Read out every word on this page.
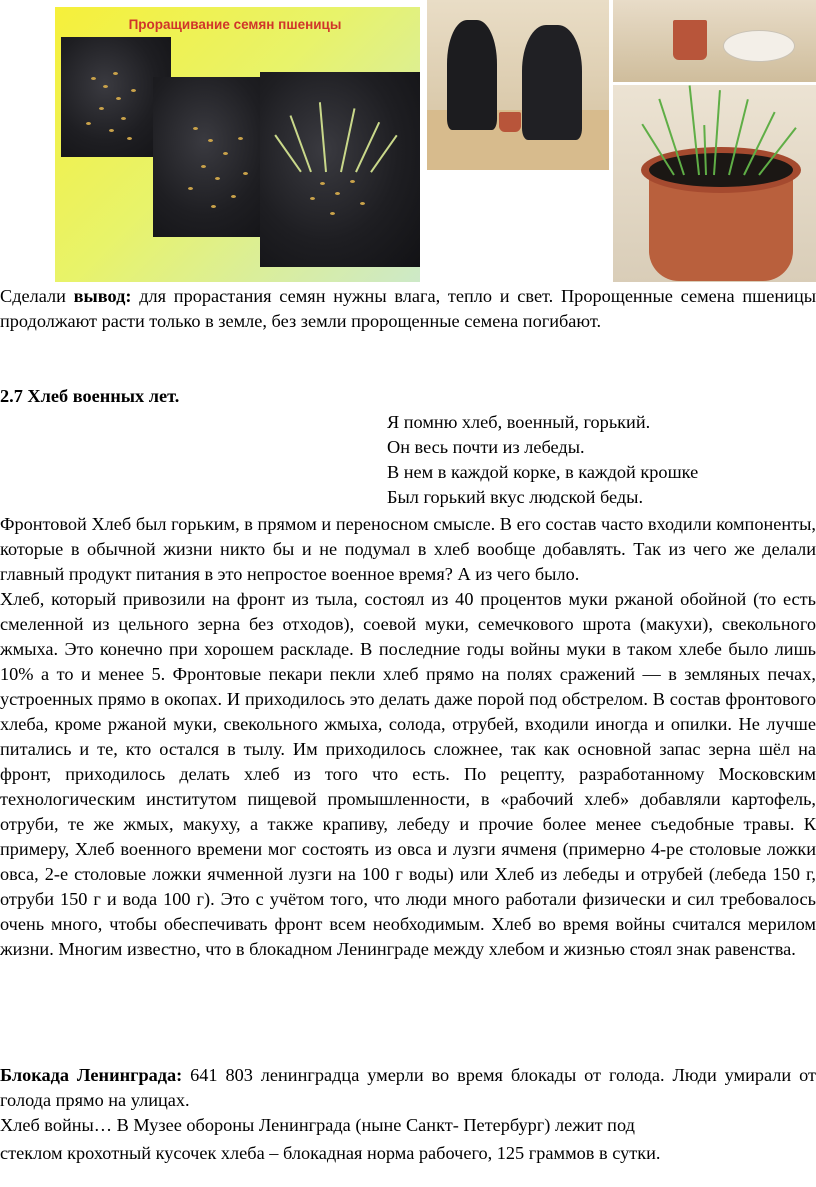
Проращивание семян пшеницы

Сделали вывод: для прорастания семян нужны влага, тепло и свет. Пророщенные семена пшеницы продолжают расти только в земле, без земли пророщенные семена погибают.

2.7 Хлеб военных лет.
Я помню хлеб, военный, горький.
Он весь почти из лебеды.
В нем в каждой корке, в каждой крошке
Был горький вкус людской беды.

Фронтовой Хлеб был горьким, в прямом и переносном смысле. В его состав часто входили компоненты, которые в обычной жизни никто бы и не подумал в хлеб вообще добавлять. Так из чего же делали главный продукт питания в это непростое военное время? А из чего было.

Хлеб, который привозили на фронт из тыла, состоял из 40 процентов муки ржаной обойной (то есть смеленной из цельного зерна без отходов), соевой муки, семечкового шрота (макухи), свекольного жмыха. Это конечно при хорошем раскладе. В последние годы войны муки в таком хлебе было лишь 10% а то и менее 5. Фронтовые пекари пекли хлеб прямо на полях сражений — в земляных печах, устроенных прямо в окопах. И приходилось это делать даже порой под обстрелом. В состав фронтового хлеба, кроме ржаной муки, свекольного жмыха, солода, отрубей, входили иногда и опилки. Не лучше питались и те, кто остался в тылу. Им приходилось сложнее, так как основной запас зерна шёл на фронт, приходилось делать хлеб из того что есть. По рецепту, разработанному Московским технологическим институтом пищевой промышленности, в «рабочий хлеб» добавляли картофель, отруби, те же жмых, макуху, а также крапиву, лебеду и прочие более менее съедобные травы. К примеру, Хлеб военного времени мог состоять из овса и лузги ячменя (примерно 4-ре столовые ложки овса, 2-е столовые ложки ячменной лузги на 100 г воды) или Хлеб из лебеды и отрубей (лебеда 150 г, отруби 150 г и вода 100 г). Это с учётом того, что люди много работали физически и сил требовалось очень много, чтобы обеспечивать фронт всем необходимым. Хлеб во время войны считался мерилом жизни. Многим известно, что в блокадном Ленинграде между хлебом и жизнью стоял знак равенства.

Блокада Ленинграда: 641 803 ленинградца умерли во время блокады от голода. Люди умирали от голода прямо на улицах.

Хлеб войны… В Музее обороны Ленинграда (ныне Санкт- Петербург) лежит под
стеклом крохотный кусочек хлеба – блокадная норма рабочего, 125 граммов в сутки.
